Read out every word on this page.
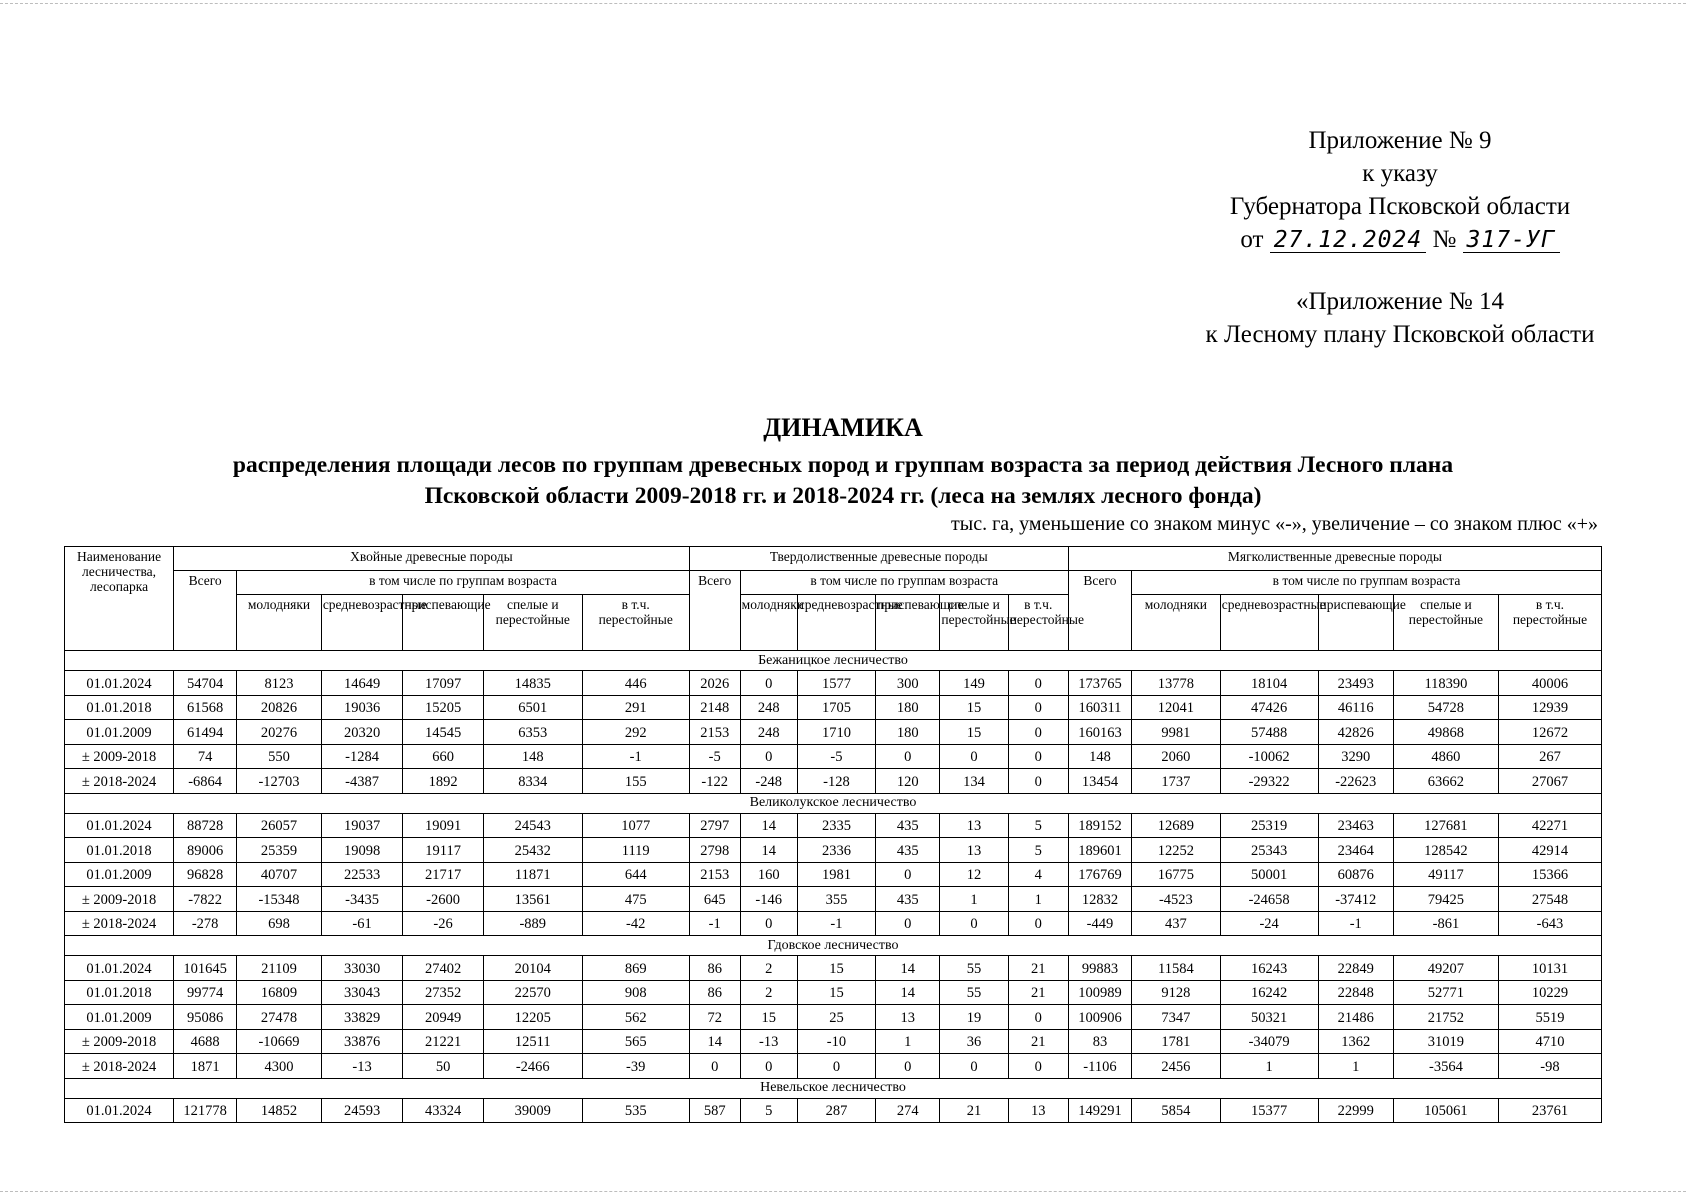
Приложение № 9
к указу
Губернатора Псковской области
от 27.12.2024 № 317-УГ
«Приложение № 14
к Лесному плану Псковской области
ДИНАМИКА
распределения площади лесов по группам древесных пород и группам возраста за период действия Лесного плана
Псковской области 2009-2018 гг. и 2018-2024 гг. (леса на землях лесного фонда)
тыс. га, уменьшение со знаком минус «-», увеличение – со знаком плюс «+»
Наименование лесничества, лесопарка	Хвойные древесные породы						Твердолиственные древесные породы						Мягколиственные древесные породы					
	Всего	в том числе по группам возраста					Всего	в том числе по группам возраста					Всего	в том числе по группам возраста				
		молодняки	средневозрастные	приспевающие	спелые и перестойные	в т.ч. перестойные		молодняки	средневозрастные	приспевающие	спелые и перестойные	в т.ч. перестойные		молодняки	средневозрастные	приспевающие	спелые и перестойные	в т.ч. перестойные
Бежаницкое лесничество																		
01.01.2024	54704	8123	14649	17097	14835	446	2026	0	1577	300	149	0	173765	13778	18104	23493	118390	40006
01.01.2018	61568	20826	19036	15205	6501	291	2148	248	1705	180	15	0	160311	12041	47426	46116	54728	12939
01.01.2009	61494	20276	20320	14545	6353	292	2153	248	1710	180	15	0	160163	9981	57488	42826	49868	12672
± 2009-2018	74	550	-1284	660	148	-1	-5	0	-5	0	0	0	148	2060	-10062	3290	4860	267
± 2018-2024	-6864	-12703	-4387	1892	8334	155	-122	-248	-128	120	134	0	13454	1737	-29322	-22623	63662	27067
Великолукское лесничество																		
01.01.2024	88728	26057	19037	19091	24543	1077	2797	14	2335	435	13	5	189152	12689	25319	23463	127681	42271
01.01.2018	89006	25359	19098	19117	25432	1119	2798	14	2336	435	13	5	189601	12252	25343	23464	128542	42914
01.01.2009	96828	40707	22533	21717	11871	644	2153	160	1981	0	12	4	176769	16775	50001	60876	49117	15366
± 2009-2018	-7822	-15348	-3435	-2600	13561	475	645	-146	355	435	1	1	12832	-4523	-24658	-37412	79425	27548
± 2018-2024	-278	698	-61	-26	-889	-42	-1	0	-1	0	0	0	-449	437	-24	-1	-861	-643
Гдовское лесничество																		
01.01.2024	101645	21109	33030	27402	20104	869	86	2	15	14	55	21	99883	11584	16243	22849	49207	10131
01.01.2018	99774	16809	33043	27352	22570	908	86	2	15	14	55	21	100989	9128	16242	22848	52771	10229
01.01.2009	95086	27478	33829	20949	12205	562	72	15	25	13	19	0	100906	7347	50321	21486	21752	5519
± 2009-2018	4688	-10669	33876	21221	12511	565	14	-13	-10	1	36	21	83	1781	-34079	1362	31019	4710
± 2018-2024	1871	4300	-13	50	-2466	-39	0	0	0	0	0	0	-1106	2456	1	1	-3564	-98
Невельское лесничество																		
01.01.2024	121778	14852	24593	43324	39009	535	587	5	287	274	21	13	149291	5854	15377	22999	105061	23761
